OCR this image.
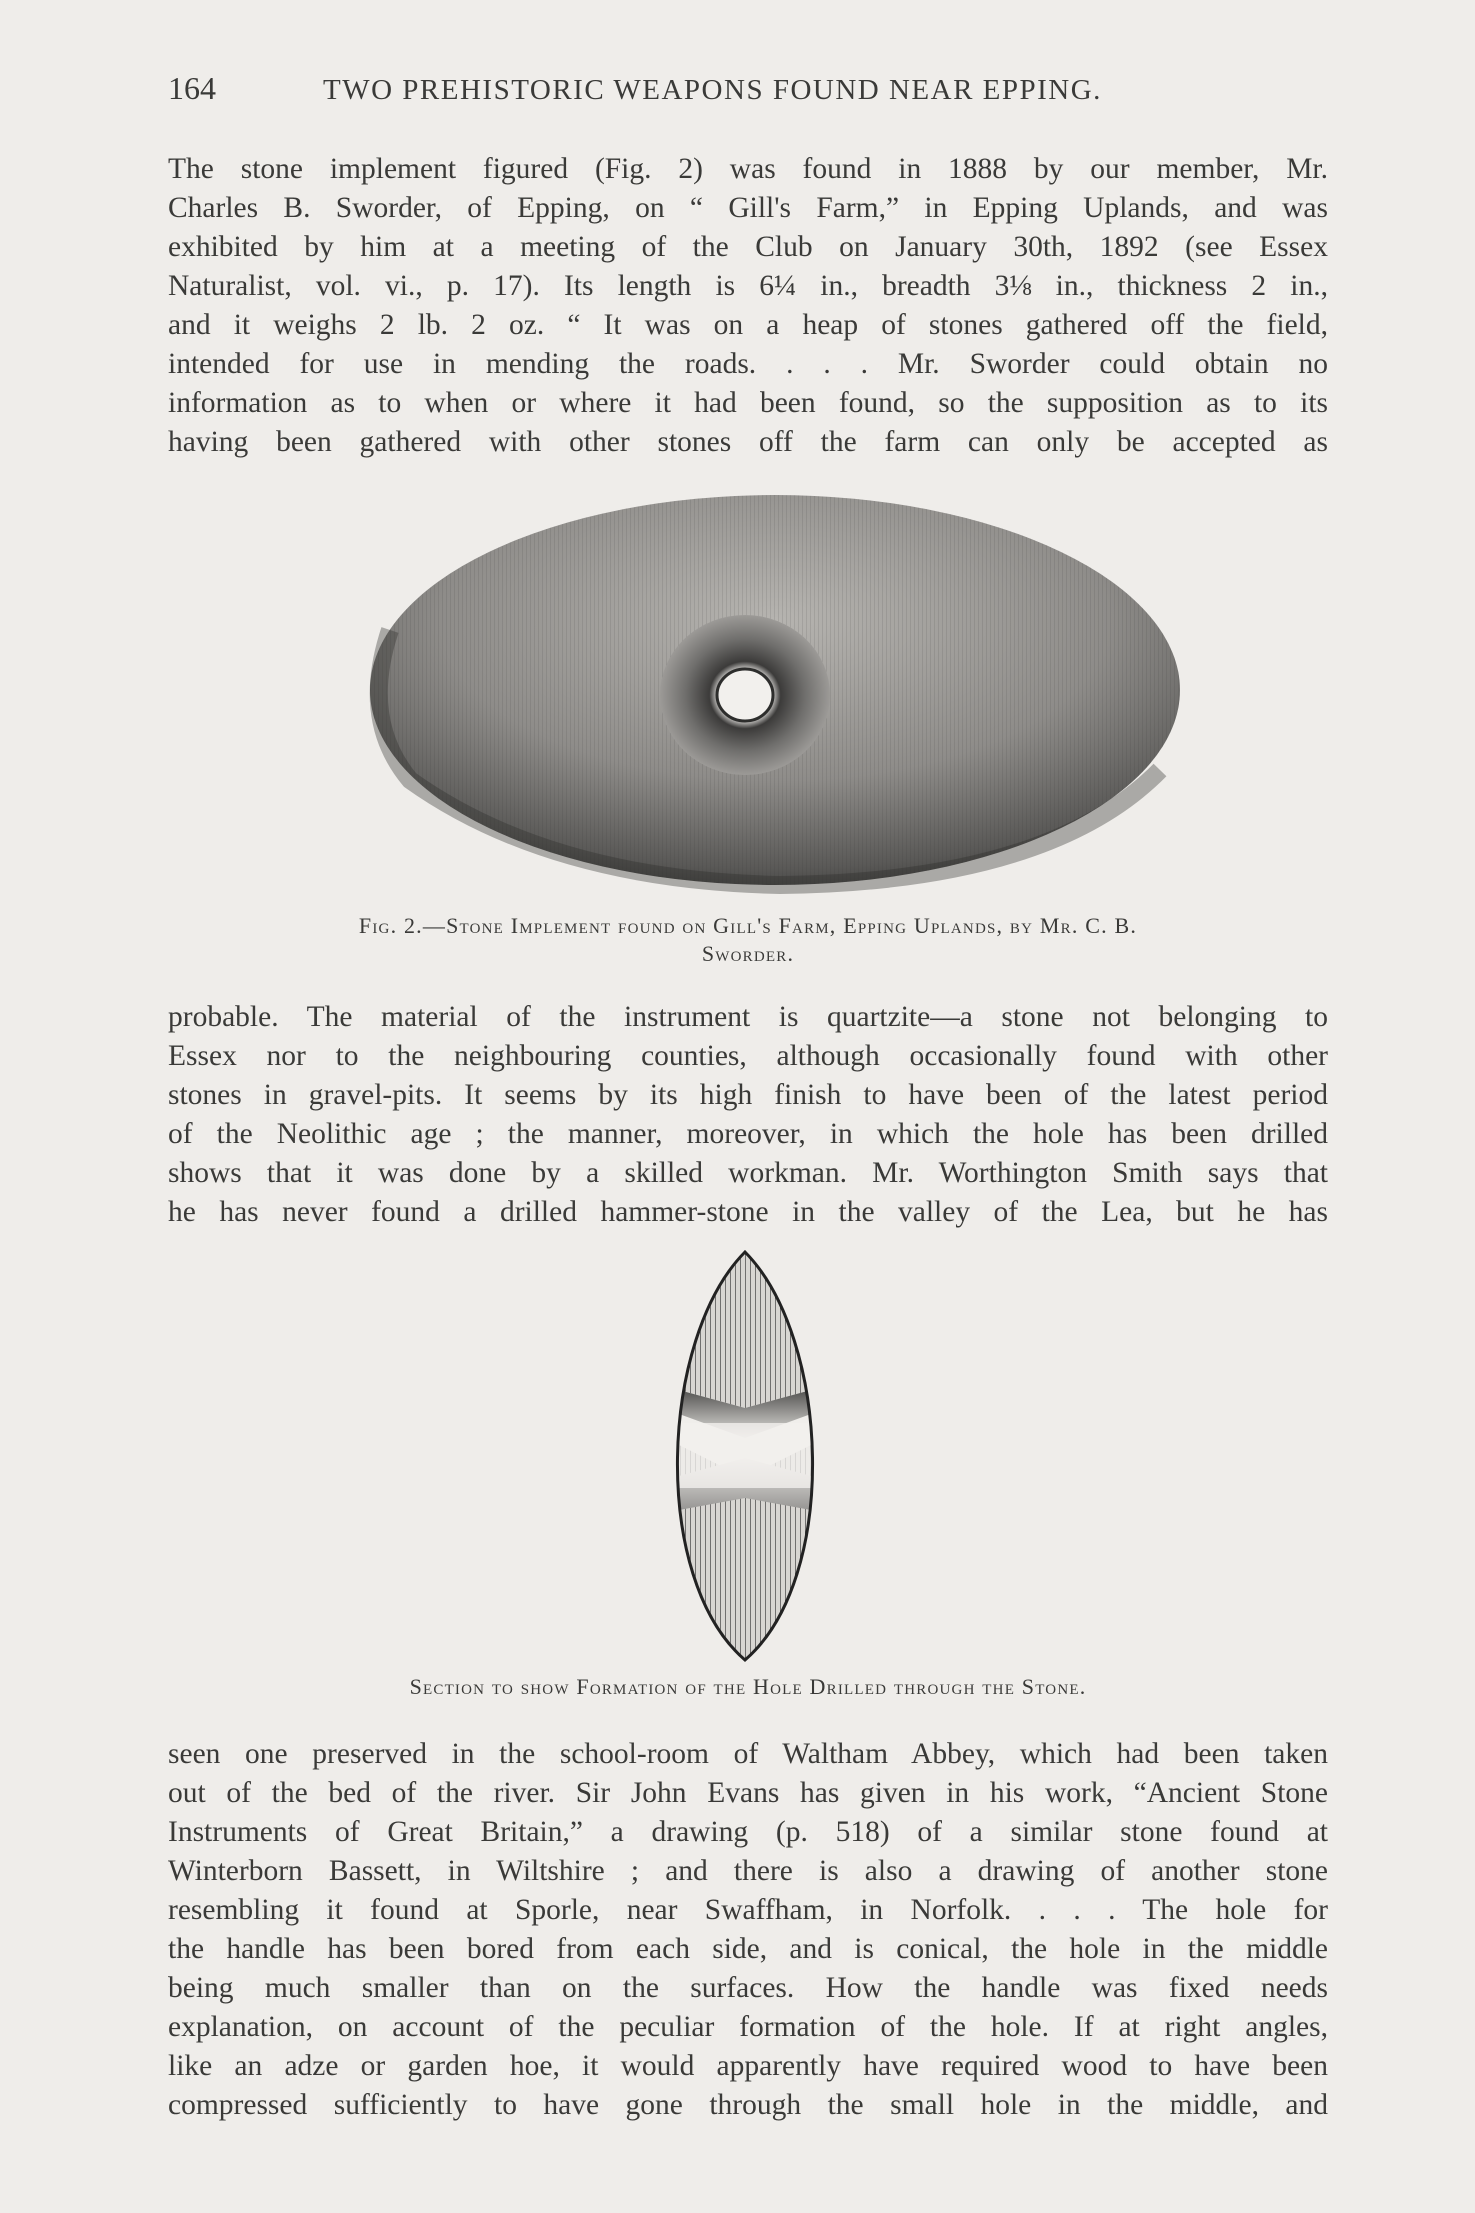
164	TWO PREHISTORIC WEAPONS FOUND NEAR EPPING.
The stone implement figured (Fig. 2) was found in 1888 by our member, Mr.
Charles B. Sworder, of Epping, on “ Gill's Farm,” in Epping Uplands, and was
exhibited by him at a meeting of the Club on January 30th, 1892 (see Essex
Naturalist, vol. vi., p. 17). Its length is 6¼ in., breadth 3⅛ in., thickness 2 in.,
and it weighs 2 lb. 2 oz. “ It was on a heap of stones gathered off the field,
intended for use in mending the roads. . . . Mr. Sworder could obtain no
information as to when or where it had been found, so the supposition as to its
having been gathered with other stones off the farm can only be accepted as
Fig. 2.—Stone Implement found on Gill's Farm, Epping Uplands, by Mr. C. B.
Sworder.
probable. The material of the instrument is quartzite—a stone not belonging to
Essex nor to the neighbouring counties, although occasionally found with other
stones in gravel-pits. It seems by its high finish to have been of the latest period
of the Neolithic age ; the manner, moreover, in which the hole has been drilled
shows that it was done by a skilled workman. Mr. Worthington Smith says that
he has never found a drilled hammer-stone in the valley of the Lea, but he has
Section to show Formation of the Hole Drilled through the Stone.
seen one preserved in the school-room of Waltham Abbey, which had been taken
out of the bed of the river. Sir John Evans has given in his work, “Ancient Stone
Instruments of Great Britain,” a drawing (p. 518) of a similar stone found at
Winterborn Bassett, in Wiltshire ; and there is also a drawing of another stone
resembling it found at Sporle, near Swaffham, in Norfolk. . . . The hole for
the handle has been bored from each side, and is conical, the hole in the middle
being much smaller than on the surfaces. How the handle was fixed needs
explanation, on account of the peculiar formation of the hole. If at right angles,
like an adze or garden hoe, it would apparently have required wood to have been
compressed sufficiently to have gone through the small hole in the middle, and
